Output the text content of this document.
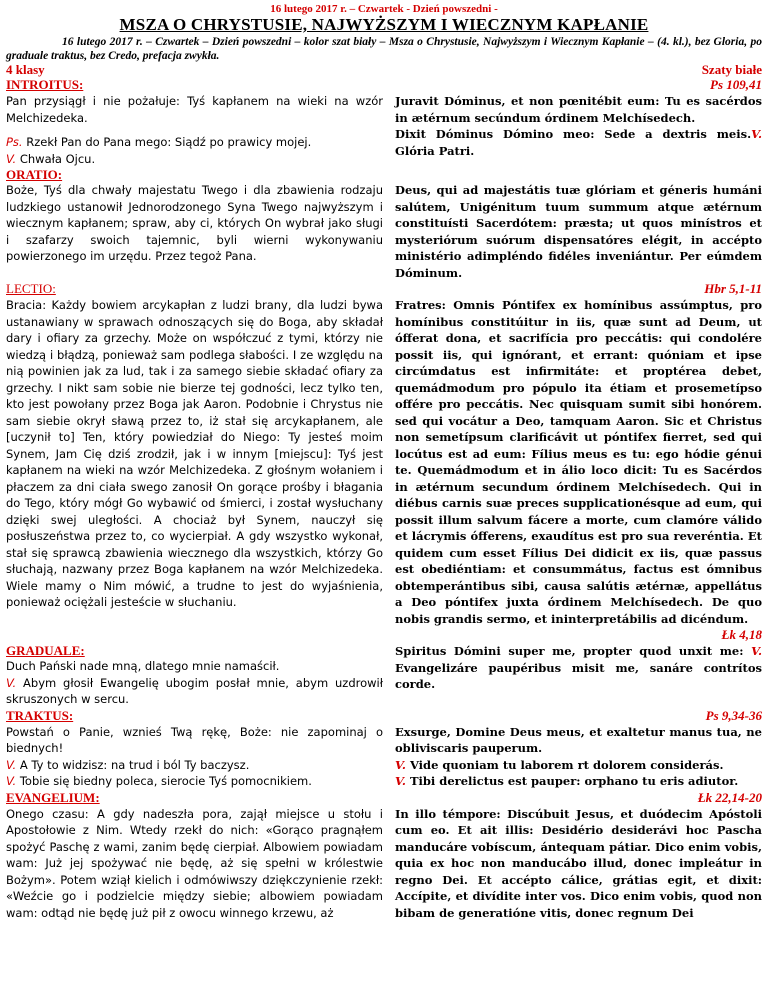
16 lutego 2017 r. – Czwartek - Dzień powszedni -
MSZA O CHRYSTUSIE, NAJWYŻSZYM I WIECZNYM KAPŁANIE
16 lutego 2017 r. – Czwartek – Dzień powszedni – kolor szat biały – Msza o Chrystusie, Najwyższym i Wiecznym Kapłanie – (4. kl.), bez Gloria, po graduale traktus, bez Credo, prefacja zwykła.
4 klasy	Szaty białe
INTROITUS:	Ps 109,41

Pan przysiągł i nie pożałuje: Tyś kapłanem na wieki na wzór Melchizedeka.

Ps. Rzekł Pan do Pana mego: Siądź po prawicy mojej.

V. Chwała Ojcu.

Juravit Dóminus, et non pœnitébit eum: Tu es sacérdos in ætérnum secúndum órdinem Melchísedech.

Dixit Dóminus Dómino meo: Sede a dextris meis.V. Glória Patri.

ORATIO:
Boże, Tyś dla chwały majestatu Twego i dla zbawienia rodzaju ludzkiego ustanowił Jednorodzonego Syna Twego najwyższym i wiecznym kapłanem; spraw, aby ci, których On wybrał jako sługi i szafarzy swoich tajemnic, byli wierni wykonywaniu powierzonego im urzędu. Przez tegoż Pana.
Deus, qui ad majestátis tuæ glóriam et géneris humáni salútem, Unigénitum tuum summum atque ætérnum constituísti Sacerdótem: præsta; ut quos minístros et mysteriórum suórum dispensatóres elégit, in accépto ministério adimpléndo fidéles inveniántur. Per eúmdem Dóminum.
LECTIO:	Hbr 5,1-11
Bracia: Każdy bowiem arcykapłan z ludzi brany, dla ludzi bywa ustanawiany w sprawach odnoszących się do Boga, aby składał dary i ofiary za grzechy. Może on współczuć z tymi, którzy nie wiedzą i błądzą, ponieważ sam podlega słabości. I ze względu na nią powinien jak za lud, tak i za samego siebie składać ofiary za grzechy. I nikt sam sobie nie bierze tej godności, lecz tylko ten, kto jest powołany przez Boga jak Aaron. Podobnie i Chrystus nie sam siebie okrył sławą przez to, iż stał się arcykapłanem, ale [uczynił to] Ten, który powiedział do Niego: Ty jesteś moim Synem, Jam Cię dziś zrodził, jak i w innym [miejscu]: Tyś jest kapłanem na wieki na wzór Melchizedeka. Z głośnym wołaniem i płaczem za dni ciała swego zanosił On gorące prośby i błagania do Tego, który mógł Go wybawić od śmierci, i został wysłuchany dzięki swej uległości. A chociaż był Synem, nauczył się posłuszeństwa przez to, co wycierpiał. A gdy wszystko wykonał, stał się sprawcą zbawienia wiecznego dla wszystkich, którzy Go słuchają, nazwany przez Boga kapłanem na wzór Melchizedeka. Wiele mamy o Nim mówić, a trudne to jest do wyjaśnienia, ponieważ ociężali jesteście w słuchaniu.

Fratres: Omnis Póntifex ex homínibus assúmptus, pro homínibus constitúitur in iis, quæ sunt ad Deum, ut ófferat dona, et sacrifícia pro peccátis: qui condolére possit iis, qui ignórant, et errant: quóniam et ipse circúmdatus est infirmitáte: et proptérea debet, quemádmodum pro pópulo ita étiam et prosemetípso offére pro peccátis. Nec quisquam sumit sibi honórem. sed qui vocátur a Deo, tamquam Aaron. Sic et Christus non semetípsum clarificávit ut póntifex fierret, sed qui locútus est ad eum: Fílius meus es tu: ego hódie génui te. Quemádmodum et in álio loco dicit: Tu es Sacérdos in ætérnum secundum órdinem Melchísedech. Qui in diébus carnis suæ preces supplicationésque ad eum, qui possit illum salvum fácere a morte, cum clamóre válido et lácrymis ófferens, exaudítus est pro sua reveréntia. Et quidem cum esset Fílius Dei didicit ex iis, quæ passus est obediéntiam: et consummátus, factus est ómnibus obtemperántibus sibi, causa salútis ætérnæ, appellátus a Deo póntifex juxta órdinem Melchísedech. De quo nobis grandis sermo, et ininterpretábilis ad dicéndum.

Łk 4,18

GRADUALE:

Duch Pański nade mną, dlatego mnie namaścił.

V. Abym głosił Ewangelię ubogim posłał mnie, abym uzdrowił skruszonych w sercu.

Spiritus Dómini super me, propter quod unxit me: V. Evangelizáre paupéribus misit me, sanáre contrítos corde.

TRAKTUS:	Ps 9,34-36

Powstań o Panie, wznieś Twą rękę, Boże: nie zapominaj o biednych!

V. A Ty to widzisz: na trud i ból Ty baczysz.

V. Tobie się biedny poleca, sierocie Tyś pomocnikiem.

Exsurge, Domine Deus meus, et exaltetur manus tua, ne obliviscaris pauperum.

V. Vide quoniam tu laborem rt dolorem considerás.

V. Tibi derelictus est pauper: orphano tu eris adiutor.

EVANGELIUM:	Łk 22,14-20
Onego czasu: A gdy nadeszła pora, zajął miejsce u stołu i Apostołowie z Nim. Wtedy rzekł do nich: «Gorąco pragnąłem spożyć Paschę z wami, zanim będę cierpiał. Albowiem powiadam wam: Już jej spożywać nie będę, aż się spełni w królestwie Bożym». Potem wziął kielich i odmówiwszy dziękczynienie rzekł: «Weźcie go i podzielcie między siebie; albowiem powiadam wam: odtąd nie będę już pił z owocu winnego krzewu, aż
In illo témpore: Discúbuit Jesus, et duódecim Apóstoli cum eo. Et ait illis: Desidério desiderávi hoc Pascha manducáre vobíscum, ántequam pátiar. Dico enim vobis, quia ex hoc non manducábo illud, donec impleátur in regno Dei. Et accépto cálice, grátias egit, et dixit: Accípite, et divídite inter vos. Dico enim vobis, quod non bibam de generatióne vitis, donec regnum Dei
